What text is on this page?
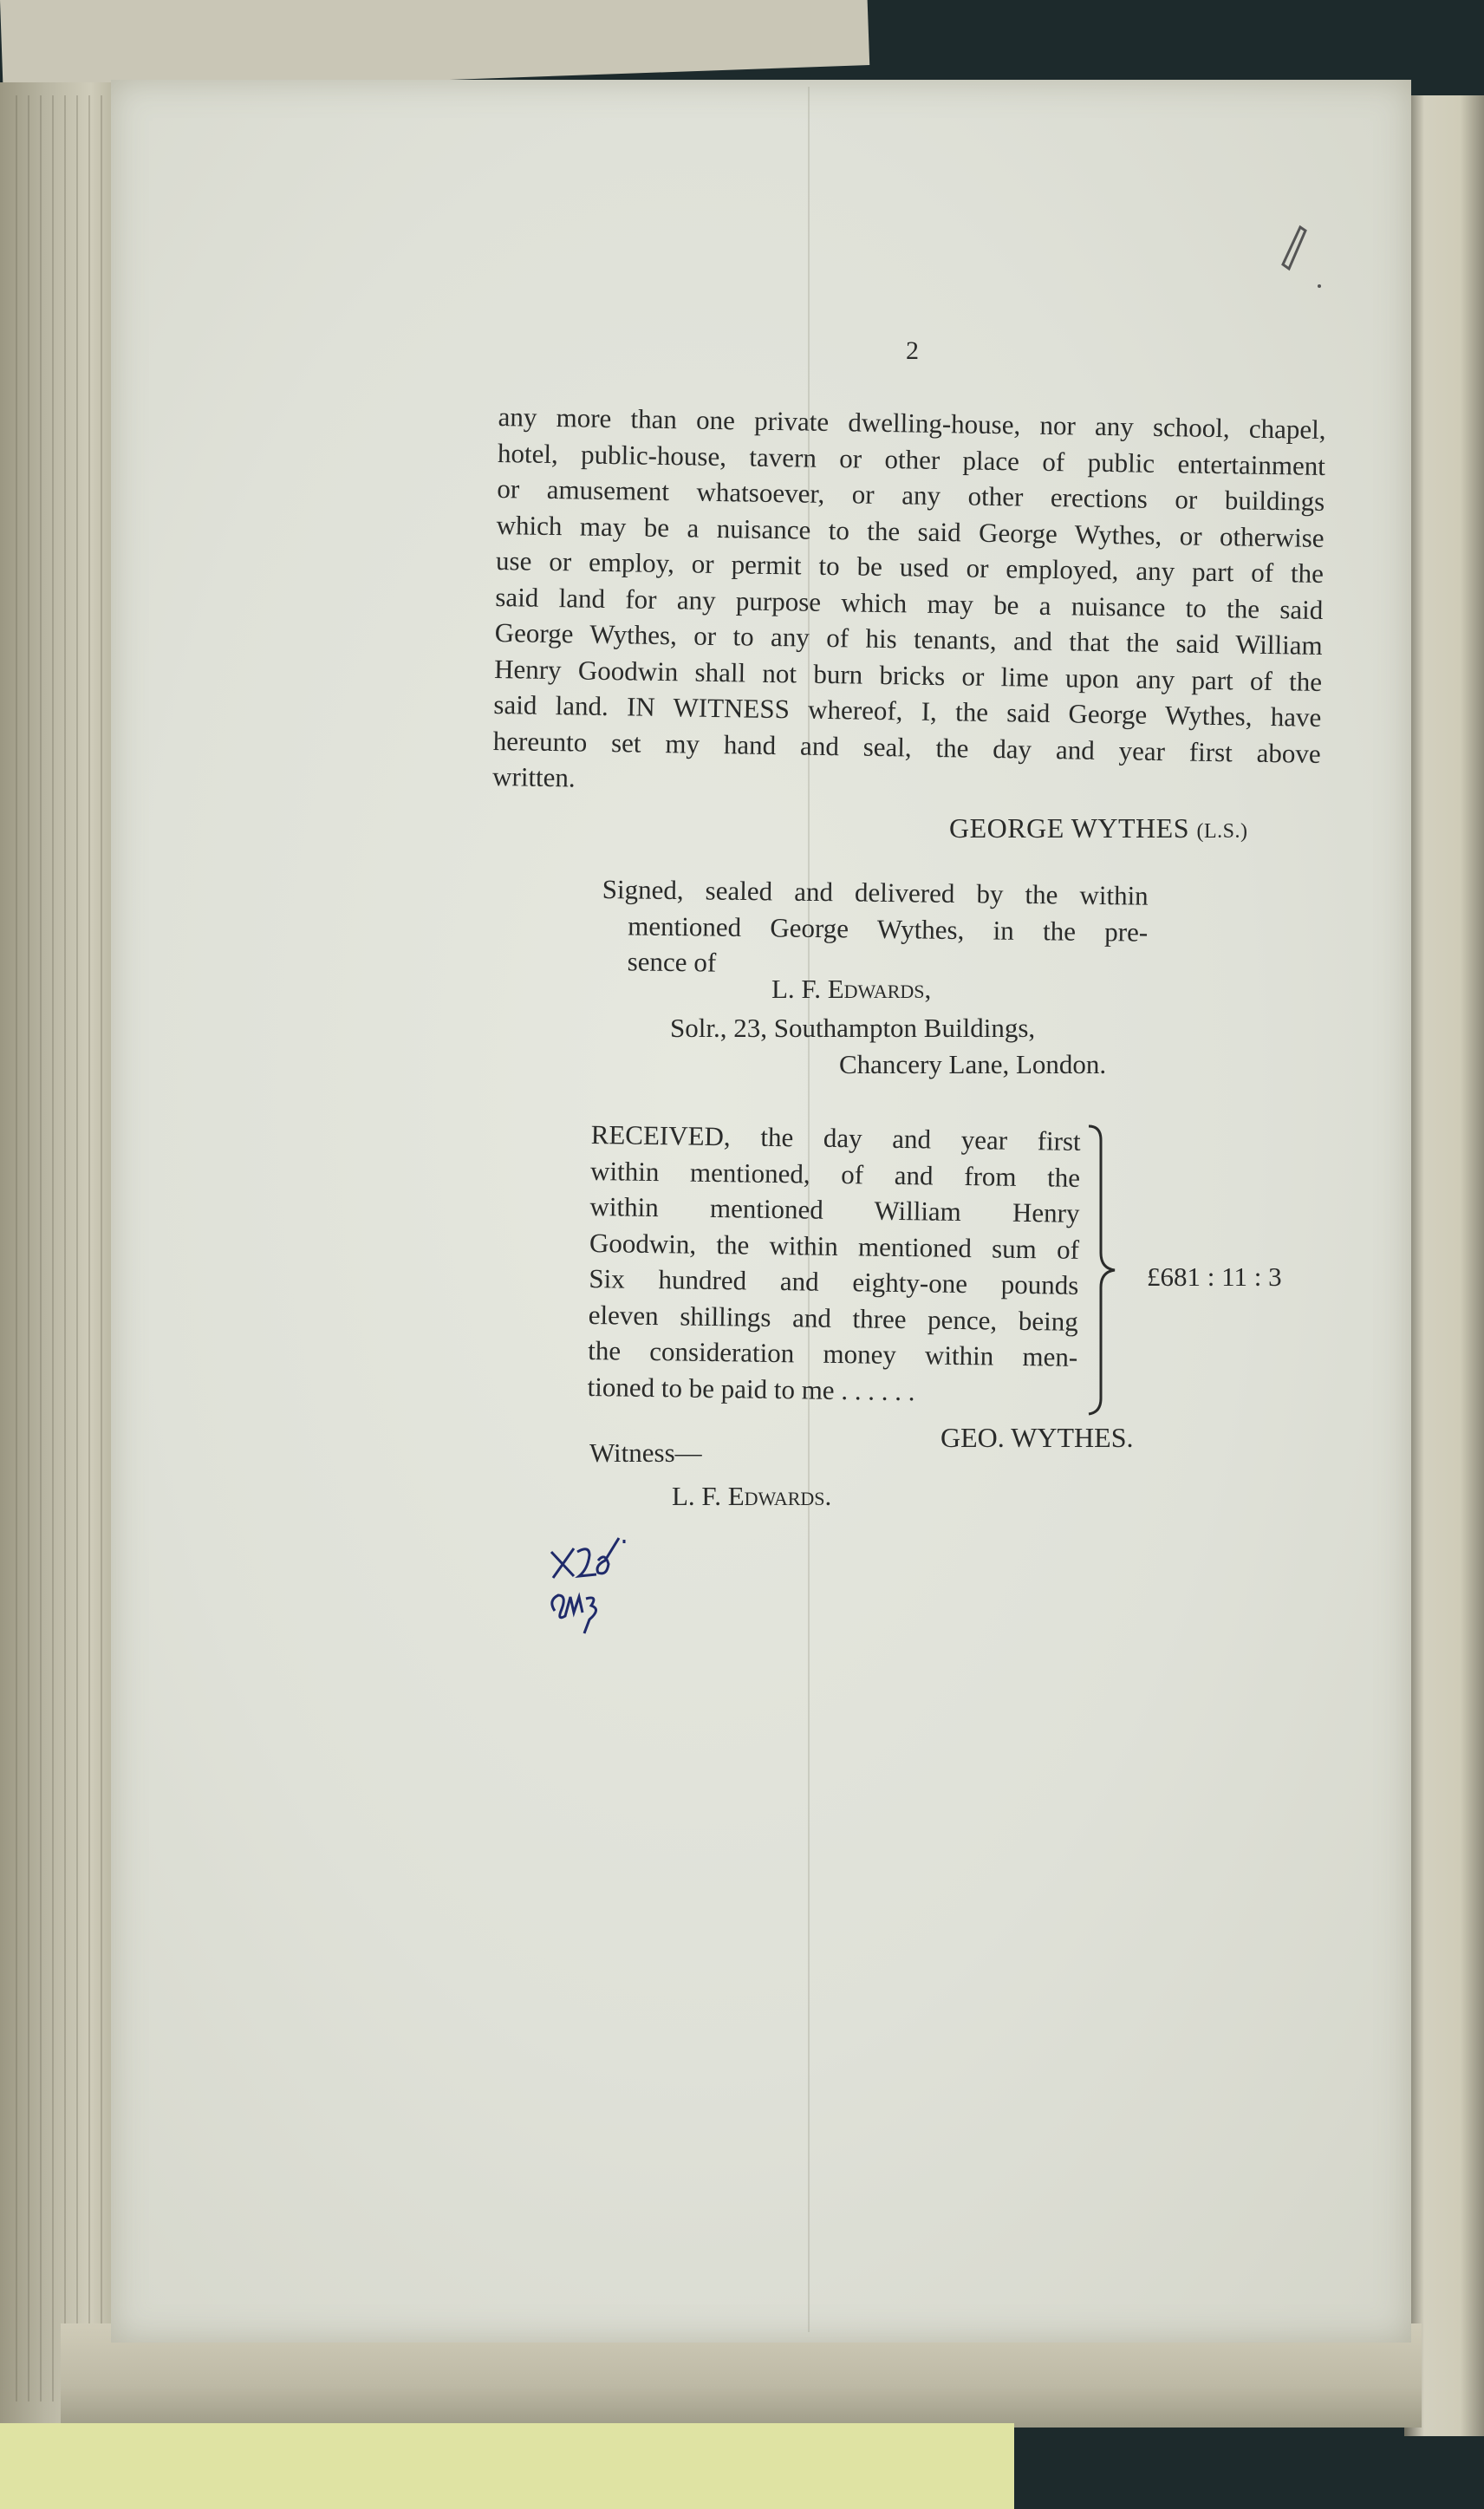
2
any more than one private dwelling-house, nor any school, chapel,
hotel, public-house, tavern or other place of public entertainment
or amusement whatsoever, or any other erections or buildings
which may be a nuisance to the said George Wythes, or otherwise
use or employ, or permit to be used or employed, any part of the
said land for any purpose which may be a nuisance to the said
George Wythes, or to any of his tenants, and that the said William
Henry Goodwin shall not burn bricks or lime upon any part of the
said land. IN WITNESS whereof, I, the said George Wythes, have
hereunto set my hand and seal, the day and year first above
written.
GEORGE WYTHES (L.S.)
Signed, sealed and delivered by the within
mentioned George Wythes, in the pre-
sence of
L. F. Edwards,
Solr., 23, Southampton Buildings,
Chancery Lane, London.
RECEIVED, the day and year first
within mentioned, of and from the
within mentioned William Henry
Goodwin, the within mentioned sum of
Six hundred and eighty-one pounds
eleven shillings and three pence, being
the consideration money within men-
tioned to be paid to me . . . . . .
£681 : 11 : 3
GEO. WYTHES.
Witness—
L. F. Edwards.
